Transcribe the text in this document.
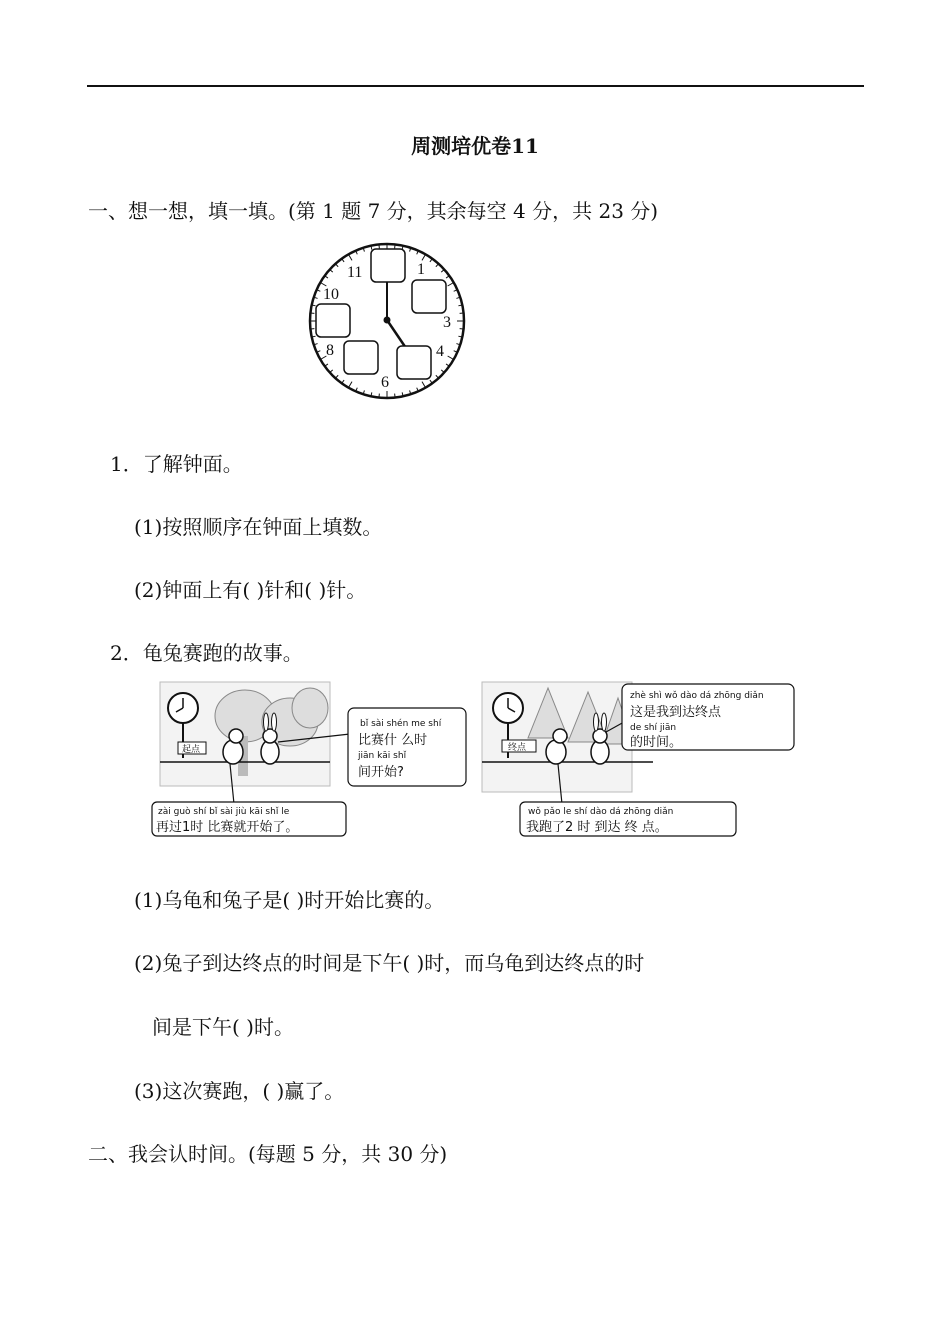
周测培优卷11
一、想一想，填一填。(第 1 题 7 分，其余每空 4 分，共 23 分)
11	1
10
3
8	4
6
1．了解钟面。
(1)按照顺序在钟面上填数。
(2)钟面上有( )针和( )针。
2．龟兔赛跑的故事。
起点
bǐ sài shén me shí
比赛什 么时
jiān kāi shǐ
间开始?
zài guò shí bǐ sài jiù kāi shǐ le
再过1时 比赛就开始了。
终点
zhè shì wǒ dào dá zhōng diǎn
这是我到达终点
de shí jiān
的时间。
wǒ pǎo le shí dào dá zhōng diǎn
我跑了2 时 到达 终 点。
(1)乌龟和兔子是( )时开始比赛的。
(2)兔子到达终点的时间是下午( )时，而乌龟到达终点的时
间是下午( )时。
(3)这次赛跑，( )赢了。
二、我会认时间。(每题 5 分，共 30 分)
